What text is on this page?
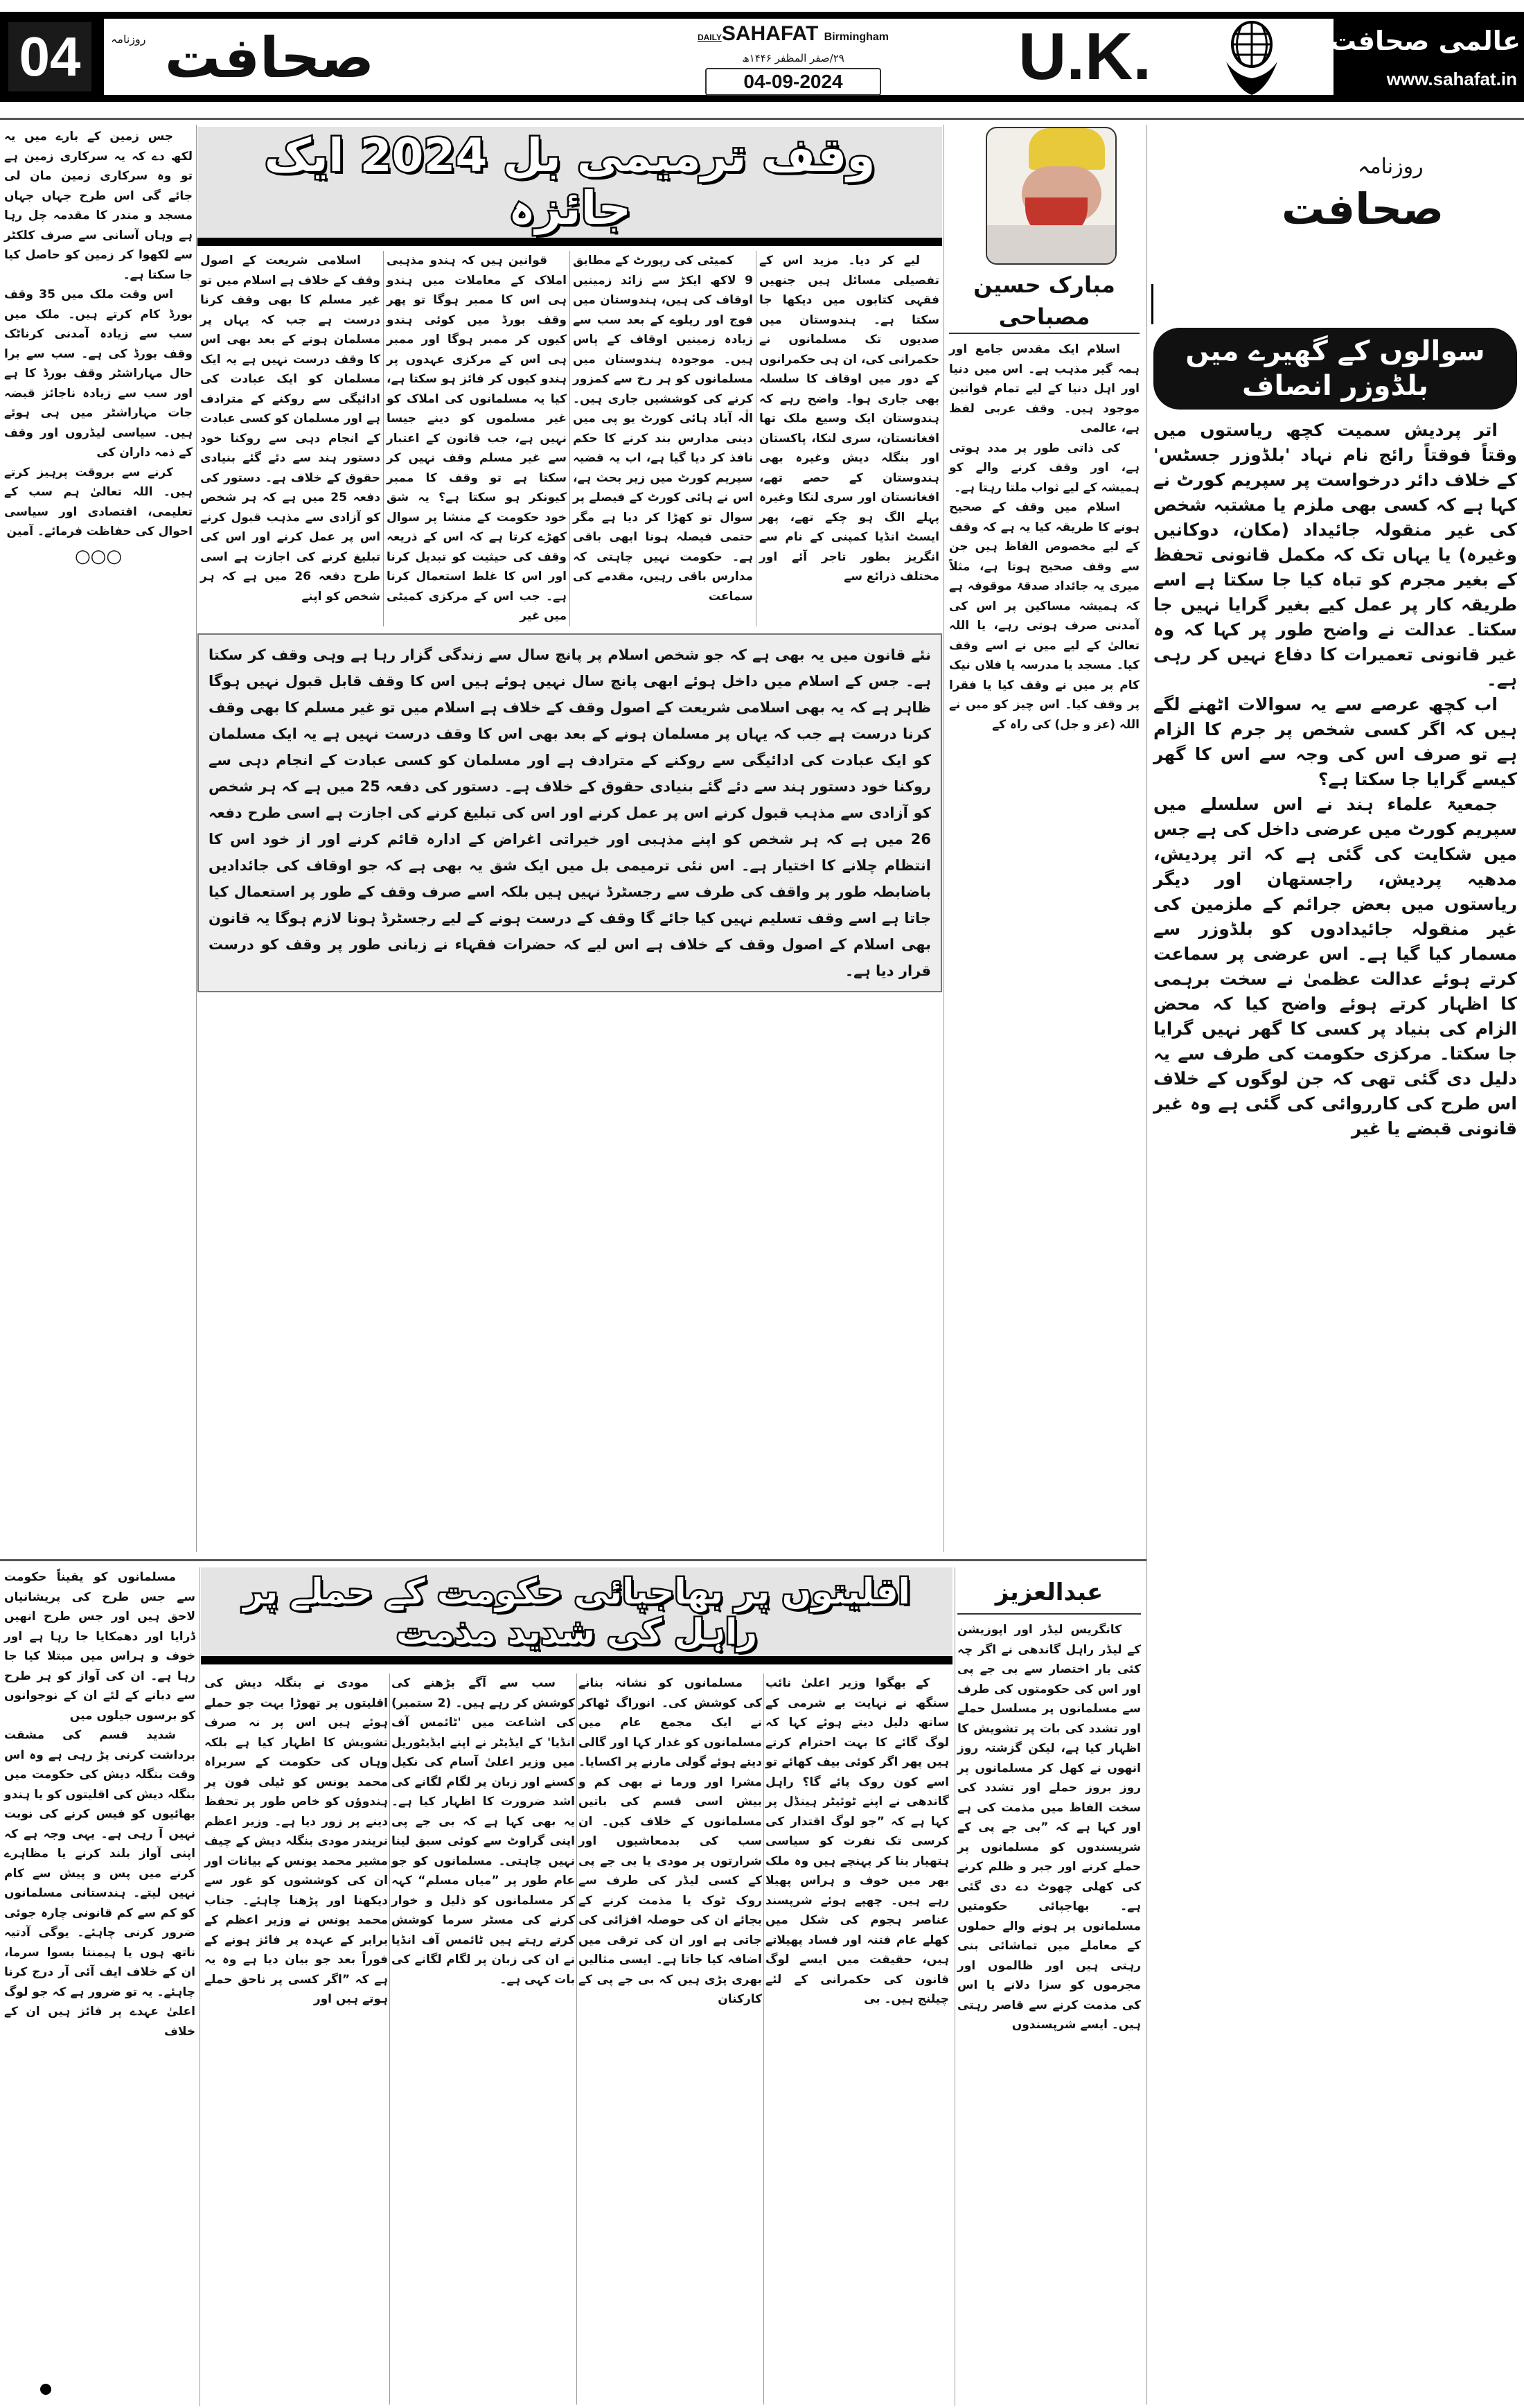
04	روزنامہ صحافت	DAILYSAHAFAT Birmingham
۲۹/صفر المظفر ۱۴۴۶ھ
04-09-2024	U.K.	عالمی صحافت
www.sahafat.in
روزنامہ
صحافت
سوالوں کے گھیرے میں بلڈوزر انصاف

اتر پردیش سمیت کچھ ریاستوں میں وقتاً فوقتاً رائج نام نہاد 'بلڈوزر جسٹس' کے خلاف دائر درخواست پر سپریم کورٹ نے کہا ہے کہ کسی بھی ملزم یا مشتبہ شخص کی غیر منقولہ جائیداد (مکان، دوکانیں وغیرہ) یا یہاں تک کہ مکمل قانونی تحفظ کے بغیر مجرم کو تباہ کیا جا سکتا ہے اسے طریقہ کار پر عمل کیے بغیر گرایا نہیں جا سکتا۔ عدالت نے واضح طور پر کہا کہ وہ غیر قانونی تعمیرات کا دفاع نہیں کر رہی ہے۔

اب کچھ عرصے سے یہ سوالات اٹھنے لگے ہیں کہ اگر کسی شخص پر جرم کا الزام ہے تو صرف اس کی وجہ سے اس کا گھر کیسے گرایا جا سکتا ہے؟

جمعیۃ علماء ہند نے اس سلسلے میں سپریم کورٹ میں عرضی داخل کی ہے جس میں شکایت کی گئی ہے کہ اتر پردیش، مدھیہ پردیش، راجستھان اور دیگر ریاستوں میں بعض جرائم کے ملزمین کی غیر منقولہ جائیدادوں کو بلڈوزر سے مسمار کیا گیا ہے۔ اس عرضی پر سماعت کرتے ہوئے عدالت عظمیٰ نے سخت برہمی کا اظہار کرتے ہوئے واضح کیا کہ محض الزام کی بنیاد پر کسی کا گھر نہیں گرایا جا سکتا۔ مرکزی حکومت کی طرف سے یہ دلیل دی گئی تھی کہ جن لوگوں کے خلاف اس طرح کی کارروائی کی گئی ہے وہ غیر قانونی قبضے یا غیر

مبارک حسین مصباحی

اسلام ایک مقدس جامع اور ہمہ گیر مذہب ہے۔ اس میں دنیا اور اہل دنیا کے لیے تمام قوانین موجود ہیں۔ وقف عربی لفظ ہے، عالمی

کی ذاتی طور پر مدد ہوتی ہے، اور وقف کرنے والے کو ہمیشہ کے لیے ثواب ملتا رہتا ہے۔

اسلام میں وقف کے صحیح ہونے کا طریقہ کیا یہ ہے کہ وقف کے لیے مخصوص الفاظ ہیں جن سے وقف صحیح ہوتا ہے، مثلاً میری یہ جائداد صدقۂ موقوفہ ہے کہ ہمیشہ مساکین پر اس کی آمدنی صرف ہوتی رہے، یا اللہ تعالیٰ کے لیے میں نے اسے وقف کیا۔ مسجد یا مدرسہ یا فلاں نیک کام پر میں نے وقف کیا یا فقرا پر وقف کیا۔ اس چیز کو میں نے اللہ (عز و جل) کی راہ کے

وقف ترمیمی بل 2024 ایک جائزہ

لیے کر دیا۔ مزید اس کے تفصیلی مسائل ہیں جنھیں فقہی کتابوں میں دیکھا جا سکتا ہے۔ ہندوستان میں صدیوں تک مسلمانوں نے حکمرانی کی، ان ہی حکمرانوں کے دور میں اوقاف کا سلسلہ بھی جاری ہوا۔ واضح رہے کہ ہندوستان ایک وسیع ملک تھا افغانستان، سری لنکا، پاکستان اور بنگلہ دیش وغیرہ بھی ہندوستان کے حصے تھے، افغانستان اور سری لنکا وغیرہ پہلے الگ ہو چکے تھے، پھر ایسٹ انڈیا کمپنی کے نام سے انگریز بطور تاجر آئے اور مختلف ذرائع سے

کمیٹی کی رپورٹ کے مطابق 9 لاکھ ایکڑ سے زائد زمینیں اوقاف کی ہیں، ہندوستان میں فوج اور ریلوے کے بعد سب سے زیادہ زمینیں اوقاف کے پاس ہیں۔ موجودہ ہندوستان میں مسلمانوں کو ہر رخ سے کمزور کرنے کی کوششیں جاری ہیں۔ الٰہ آباد ہائی کورٹ یو پی میں دینی مدارس بند کرنے کا حکم نافذ کر دیا گیا ہے، اب یہ قضیہ سپریم کورٹ میں زیر بحث ہے، اس نے ہائی کورٹ کے فیصلے پر سوال تو کھڑا کر دیا ہے مگر حتمی فیصلہ ہونا ابھی باقی ہے۔ حکومت نہیں چاہتی کہ مدارس باقی رہیں، مقدمے کی سماعت

قوانین ہیں کہ ہندو مذہبی املاک کے معاملات میں ہندو ہی اس کا ممبر ہوگا تو پھر وقف بورڈ میں کوئی ہندو کیوں کر ممبر ہوگا اور ممبر ہی اس کے مرکزی عہدوں پر ہندو کیوں کر فائز ہو سکتا ہے، کیا یہ مسلمانوں کی املاک کو غیر مسلموں کو دینے جیسا نہیں ہے، جب قانون کے اعتبار سے غیر مسلم وقف نہیں کر سکتا ہے تو وقف کا ممبر کیونکر ہو سکتا ہے؟ یہ شق خود حکومت کے منشا پر سوال کھڑے کرتا ہے کہ اس کے ذریعہ وقف کی حیثیت کو تبدیل کرنا اور اس کا غلط استعمال کرنا ہے۔ جب اس کے مرکزی کمیٹی میں غیر

اسلامی شریعت کے اصول وقف کے خلاف ہے اسلام میں تو غیر مسلم کا بھی وقف کرنا درست ہے جب کہ یہاں پر مسلمان ہونے کے بعد بھی اس کا وقف درست نہیں ہے یہ ایک مسلمان کو ایک عبادت کی ادائیگی سے روکنے کے مترادف ہے اور مسلمان کو کسی عبادت کے انجام دہی سے روکنا خود دستور ہند سے دئے گئے بنیادی حقوق کے خلاف ہے۔ دستور کی دفعہ 25 میں ہے کہ ہر شخص کو آزادی سے مذہب قبول کرنے اس پر عمل کرنے اور اس کی تبلیغ کرنے کی اجازت ہے اسی طرح دفعہ 26 میں ہے کہ ہر شخص کو اپنے

نئے قانون میں یہ بھی ہے کہ جو شخص اسلام پر پانچ سال سے زندگی گزار رہا ہے وہی وقف کر سکتا ہے۔ جس کے اسلام میں داخل ہوئے ابھی پانچ سال نہیں ہوئے ہیں اس کا وقف قابل قبول نہیں ہوگا ظاہر ہے کہ یہ بھی اسلامی شریعت کے اصول وقف کے خلاف ہے اسلام میں تو غیر مسلم کا بھی وقف کرنا درست ہے جب کہ یہاں پر مسلمان ہونے کے بعد بھی اس کا وقف درست نہیں ہے یہ ایک مسلمان کو ایک عبادت کی ادائیگی سے روکنے کے مترادف ہے اور مسلمان کو کسی عبادت کے انجام دہی سے روکنا خود دستور ہند سے دئے گئے بنیادی حقوق کے خلاف ہے۔ دستور کی دفعہ 25 میں ہے کہ ہر شخص کو آزادی سے مذہب قبول کرنے اس پر عمل کرنے اور اس کی تبلیغ کرنے کی اجازت ہے اسی طرح دفعہ 26 میں ہے کہ ہر شخص کو اپنے مذہبی اور خیراتی اغراض کے ادارہ قائم کرنے اور از خود اس کا انتظام چلانے کا اختیار ہے۔ اس نئی ترمیمی بل میں ایک شق یہ بھی ہے کہ جو اوقاف کی جائدادیں باضابطہ طور پر واقف کی طرف سے رجسٹرڈ نہیں ہیں بلکہ اسے صرف وقف کے طور پر استعمال کیا جاتا ہے اسے وقف تسلیم نہیں کیا جائے گا وقف کے درست ہونے کے لیے رجسٹرڈ ہونا لازم ہوگا یہ قانون بھی اسلام کے اصول وقف کے خلاف ہے اس لیے کہ حضرات فقہاء نے زبانی طور پر وقف کو درست قرار دیا ہے۔

جس زمین کے بارے میں یہ لکھ دے کہ یہ سرکاری زمین ہے تو وہ سرکاری زمین مان لی جائے گی اس طرح جہاں جہاں مسجد و مندر کا مقدمہ چل رہا ہے وہاں آسانی سے صرف کلکٹر سے لکھوا کر زمین کو حاصل کیا جا سکتا ہے۔

اس وقت ملک میں 35 وقف بورڈ کام کرتے ہیں۔ ملک میں سب سے زیادہ آمدنی کرناٹک وقف بورڈ کی ہے۔ سب سے برا حال مہاراشٹر وقف بورڈ کا ہے اور سب سے زیادہ ناجائز قبضہ جات مہاراشٹر میں ہی ہوئے ہیں۔ سیاسی لیڈروں اور وقف کے ذمہ داران کی

کرنے سے بروقت پرہیز کرتے ہیں۔ اللہ تعالیٰ ہم سب کے تعلیمی، اقتصادی اور سیاسی احوال کی حفاظت فرمائے۔ آمین

○○○
اقلیتوں پر بھاجپائی حکومت کے حملے پر راہل کی شدید مذمت
عبدالعزیز

کانگریس لیڈر اور اپوزیشن کے لیڈر راہل گاندھی نے اگر چہ کئی بار اختصار سے بی جے پی اور اس کی حکومتوں کی طرف سے مسلمانوں پر مسلسل حملے اور تشدد کی بات پر تشویش کا اظہار کیا ہے، لیکن گزشتہ روز انھوں نے کھل کر مسلمانوں پر روز بروز حملے اور تشدد کی سخت الفاظ میں مذمت کی ہے اور کہا ہے کہ ”بی جے پی کے شرپسندوں کو مسلمانوں پر حملے کرنے اور جبر و ظلم کرنے کی کھلی چھوٹ دے دی گئی ہے۔ بھاجپائی حکومتیں مسلمانوں پر ہونے والے حملوں کے معاملے میں تماشائی بنی رہتی ہیں اور ظالموں اور مجرموں کو سزا دلانے یا اس کی مذمت کرنے سے قاصر رہتی ہیں۔ ایسے شرپسندوں

کے بھگوا وزیر اعلیٰ نائب سنگھ نے نہایت بے شرمی کے ساتھ دلیل دیتے ہوئے کہا کہ لوگ گائے کا بہت احترام کرتے ہیں پھر اگر کوئی بیف کھائے تو اسے کون روک پائے گا؟ راہل گاندھی نے اپنے ٹوئیٹر ہینڈل پر کہا ہے کہ ”جو لوگ اقتدار کی کرسی تک نفرت کو سیاسی ہتھیار بنا کر پہنچے ہیں وہ ملک بھر میں خوف و ہراس پھیلا رہے ہیں۔ چھپے ہوئے شرپسند عناصر ہجوم کی شکل میں کھلے عام فتنہ اور فساد پھیلاتے ہیں، حقیقت میں ایسے لوگ قانون کی حکمرانی کے لئے چیلنج ہیں۔ بی

مسلمانوں کو نشانہ بنانے کی کوشش کی۔ انوراگ ٹھاکر نے ایک مجمع عام میں مسلمانوں کو غدار کہا اور گالی دیتے ہوئے گولی مارنے پر اکسایا۔ مشرا اور ورما نے بھی کم و بیش اسی قسم کی باتیں مسلمانوں کے خلاف کیں۔ ان سب کی بدمعاشیوں اور شرارتوں پر مودی یا بی جے پی کے کسی لیڈر کی طرف سے روک ٹوک یا مذمت کرنے کے بجائے ان کی حوصلہ افزائی کی جاتی ہے اور ان کی ترقی میں اضافہ کیا جاتا ہے۔ ایسی مثالیں بھری پڑی ہیں کہ بی جے پی کے کارکنان

سب سے آگے بڑھنے کی کوشش کر رہے ہیں۔ (2 ستمبر) کی اشاعت میں 'ٹائمس آف انڈیا' کے ایڈیٹر نے اپنے ایڈیٹوریل میں وزیر اعلیٰ آسام کی نکیل کسنے اور زبان پر لگام لگانے کی اشد ضرورت کا اظہار کیا ہے۔ یہ بھی کہا ہے کہ بی جے پی اپنی گراوٹ سے کوئی سبق لینا نہیں چاہتی۔ مسلمانوں کو جو عام طور پر ”میاں مسلم“ کہہ کر مسلمانوں کو ذلیل و خوار کرنے کی مسٹر سرما کوشش کرتے رہتے ہیں ٹائمس آف انڈیا نے ان کی زبان پر لگام لگانے کی بات کہی ہے۔

مودی نے بنگلہ دیش کی اقلیتوں پر تھوڑا بہت جو حملے ہوئے ہیں اس پر نہ صرف تشویش کا اظہار کیا ہے بلکہ وہاں کی حکومت کے سربراہ محمد یونس کو ٹیلی فون پر ہندوؤں کو خاص طور پر تحفظ دینے پر زور دیا ہے۔ وزیر اعظم نریندر مودی بنگلہ دیش کے چیف مشیر محمد یونس کے بیانات اور ان کی کوششوں کو غور سے دیکھنا اور پڑھنا چاہئے۔ جناب محمد یونس نے وزیر اعظم کے برابر کے عہدہ پر فائز ہونے کے فوراً بعد جو بیان دیا ہے وہ یہ ہے کہ ”اگر کسی پر ناحق حملے ہوتے ہیں اور

مسلمانوں کو یقیناً حکومت سے جس طرح کی پریشانیاں لاحق ہیں اور جس طرح انھیں ڈرایا اور دھمکایا جا رہا ہے اور خوف و ہراس میں مبتلا کیا جا رہا ہے۔ ان کی آواز کو ہر طرح سے دبانے کے لئے ان کے نوجوانوں کو برسوں جیلوں میں

شدید قسم کی مشقت برداشت کرنی پڑ رہی ہے وہ اس وقت بنگلہ دیش کی حکومت میں بنگلہ دیش کی اقلیتوں کو یا ہندو بھائیوں کو فیس کرنے کی نوبت نہیں آ رہی ہے۔ یہی وجہ ہے کہ اپنی آواز بلند کرنے یا مظاہرے کرنے میں پس و پیش سے کام نہیں لیتے۔ ہندستانی مسلمانوں کو کم سے کم قانونی چارہ جوئی ضرور کرنی چاہئے۔ یوگی آدتیہ ناتھ ہوں یا ہیمنتا بسوا سرما، ان کے خلاف ایف آئی آر درج کرنا چاہئے۔ یہ تو ضرور ہے کہ جو لوگ اعلیٰ عہدے پر فائز ہیں ان کے خلاف
